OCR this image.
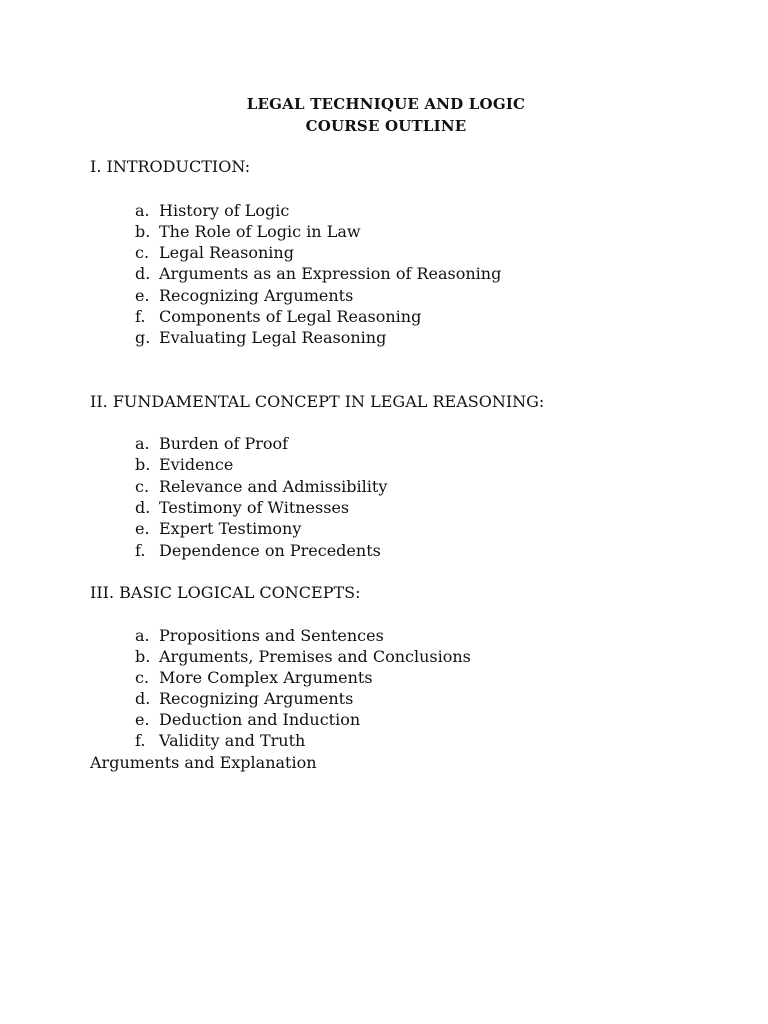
LEGAL TECHNIQUE AND LOGIC
COURSE OUTLINE
I. INTRODUCTION:
a. History of Logic
b. The Role of Logic in Law
c. Legal Reasoning
d. Arguments as an Expression of Reasoning
e. Recognizing Arguments
f. Components of Legal Reasoning
g. Evaluating Legal Reasoning
II. FUNDAMENTAL CONCEPT IN LEGAL REASONING:
a. Burden of Proof
b. Evidence
c. Relevance and Admissibility
d. Testimony of Witnesses
e. Expert Testimony
f. Dependence on Precedents
III. BASIC LOGICAL CONCEPTS:
a. Propositions and Sentences
b. Arguments, Premises and Conclusions
c. More Complex Arguments
d. Recognizing Arguments
e. Deduction and Induction
f. Validity and Truth
Arguments and Explanation
